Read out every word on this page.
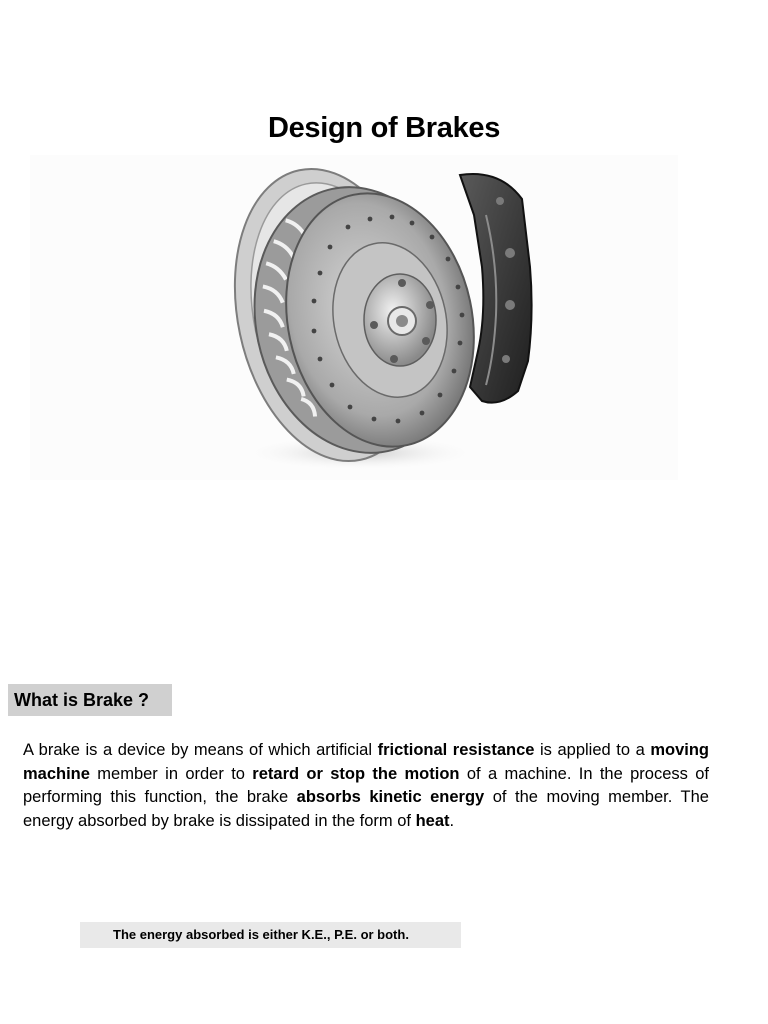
Design of Brakes
What is Brake ?

A brake is a device by means of which artificial frictional resistance is applied to a moving machine member in order to retard or stop the motion of a machine. In the process of performing this function, the brake absorbs kinetic energy of the moving member. The energy absorbed by brake is dissipated in the form of heat.

The energy absorbed is either K.E., P.E. or both.
